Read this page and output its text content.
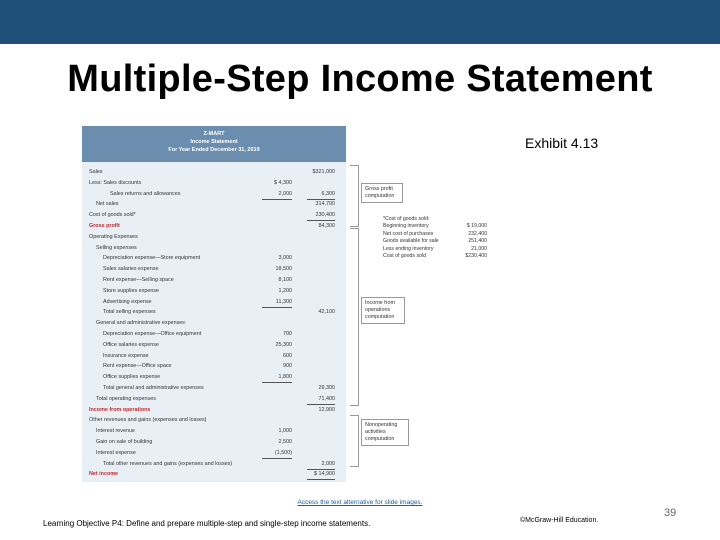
Multiple-Step Income Statement
Exhibit 4.13
Z-MART
Income Statement
For Year Ended December 31, 2019
Sales	$321,000
Less: Sales discounts	$ 4,300
Sales returns and allowances	2,000	6,300
Net sales	314,700
Cost of goods sold*	230,400
Gross profit	84,300
Operating Expenses
Selling expenses
Depreciation expense—Store equipment	3,000
Sales salaries expense	18,500
Rent expense—Selling space	8,100
Store supplies expense	1,200
Advertising expense	11,300
Total selling expenses	42,100
General and administrative expenses
Depreciation expense—Office equipment	700
Office salaries expense	25,300
Insurance expense	600
Rent expense—Office space	900
Office supplies expense	1,800
Total general and administrative expenses	29,300
Total operating expenses	71,400
Income from operations	12,900
Other revenues and gains (expenses and losses)
Interest revenue	1,000
Gain on sale of building	2,500
Interest expense	(1,500)
Total other revenues and gains (expenses and losses)	2,000
Net income	$ 14,900
Gross profit computation
Income from operations computation
Nonoperating activities computation
*Cost of goods sold:
Beginning inventory	$ 19,000
Net cost of purchases	232,400
Goods available for sale	251,400
Less ending inventory	21,000
Cost of goods sold	$230,400
Access the text alternative for slide images.
Learning Objective P4: Define and prepare multiple-step and single-step income statements.	©McGraw-Hill Education.
39
